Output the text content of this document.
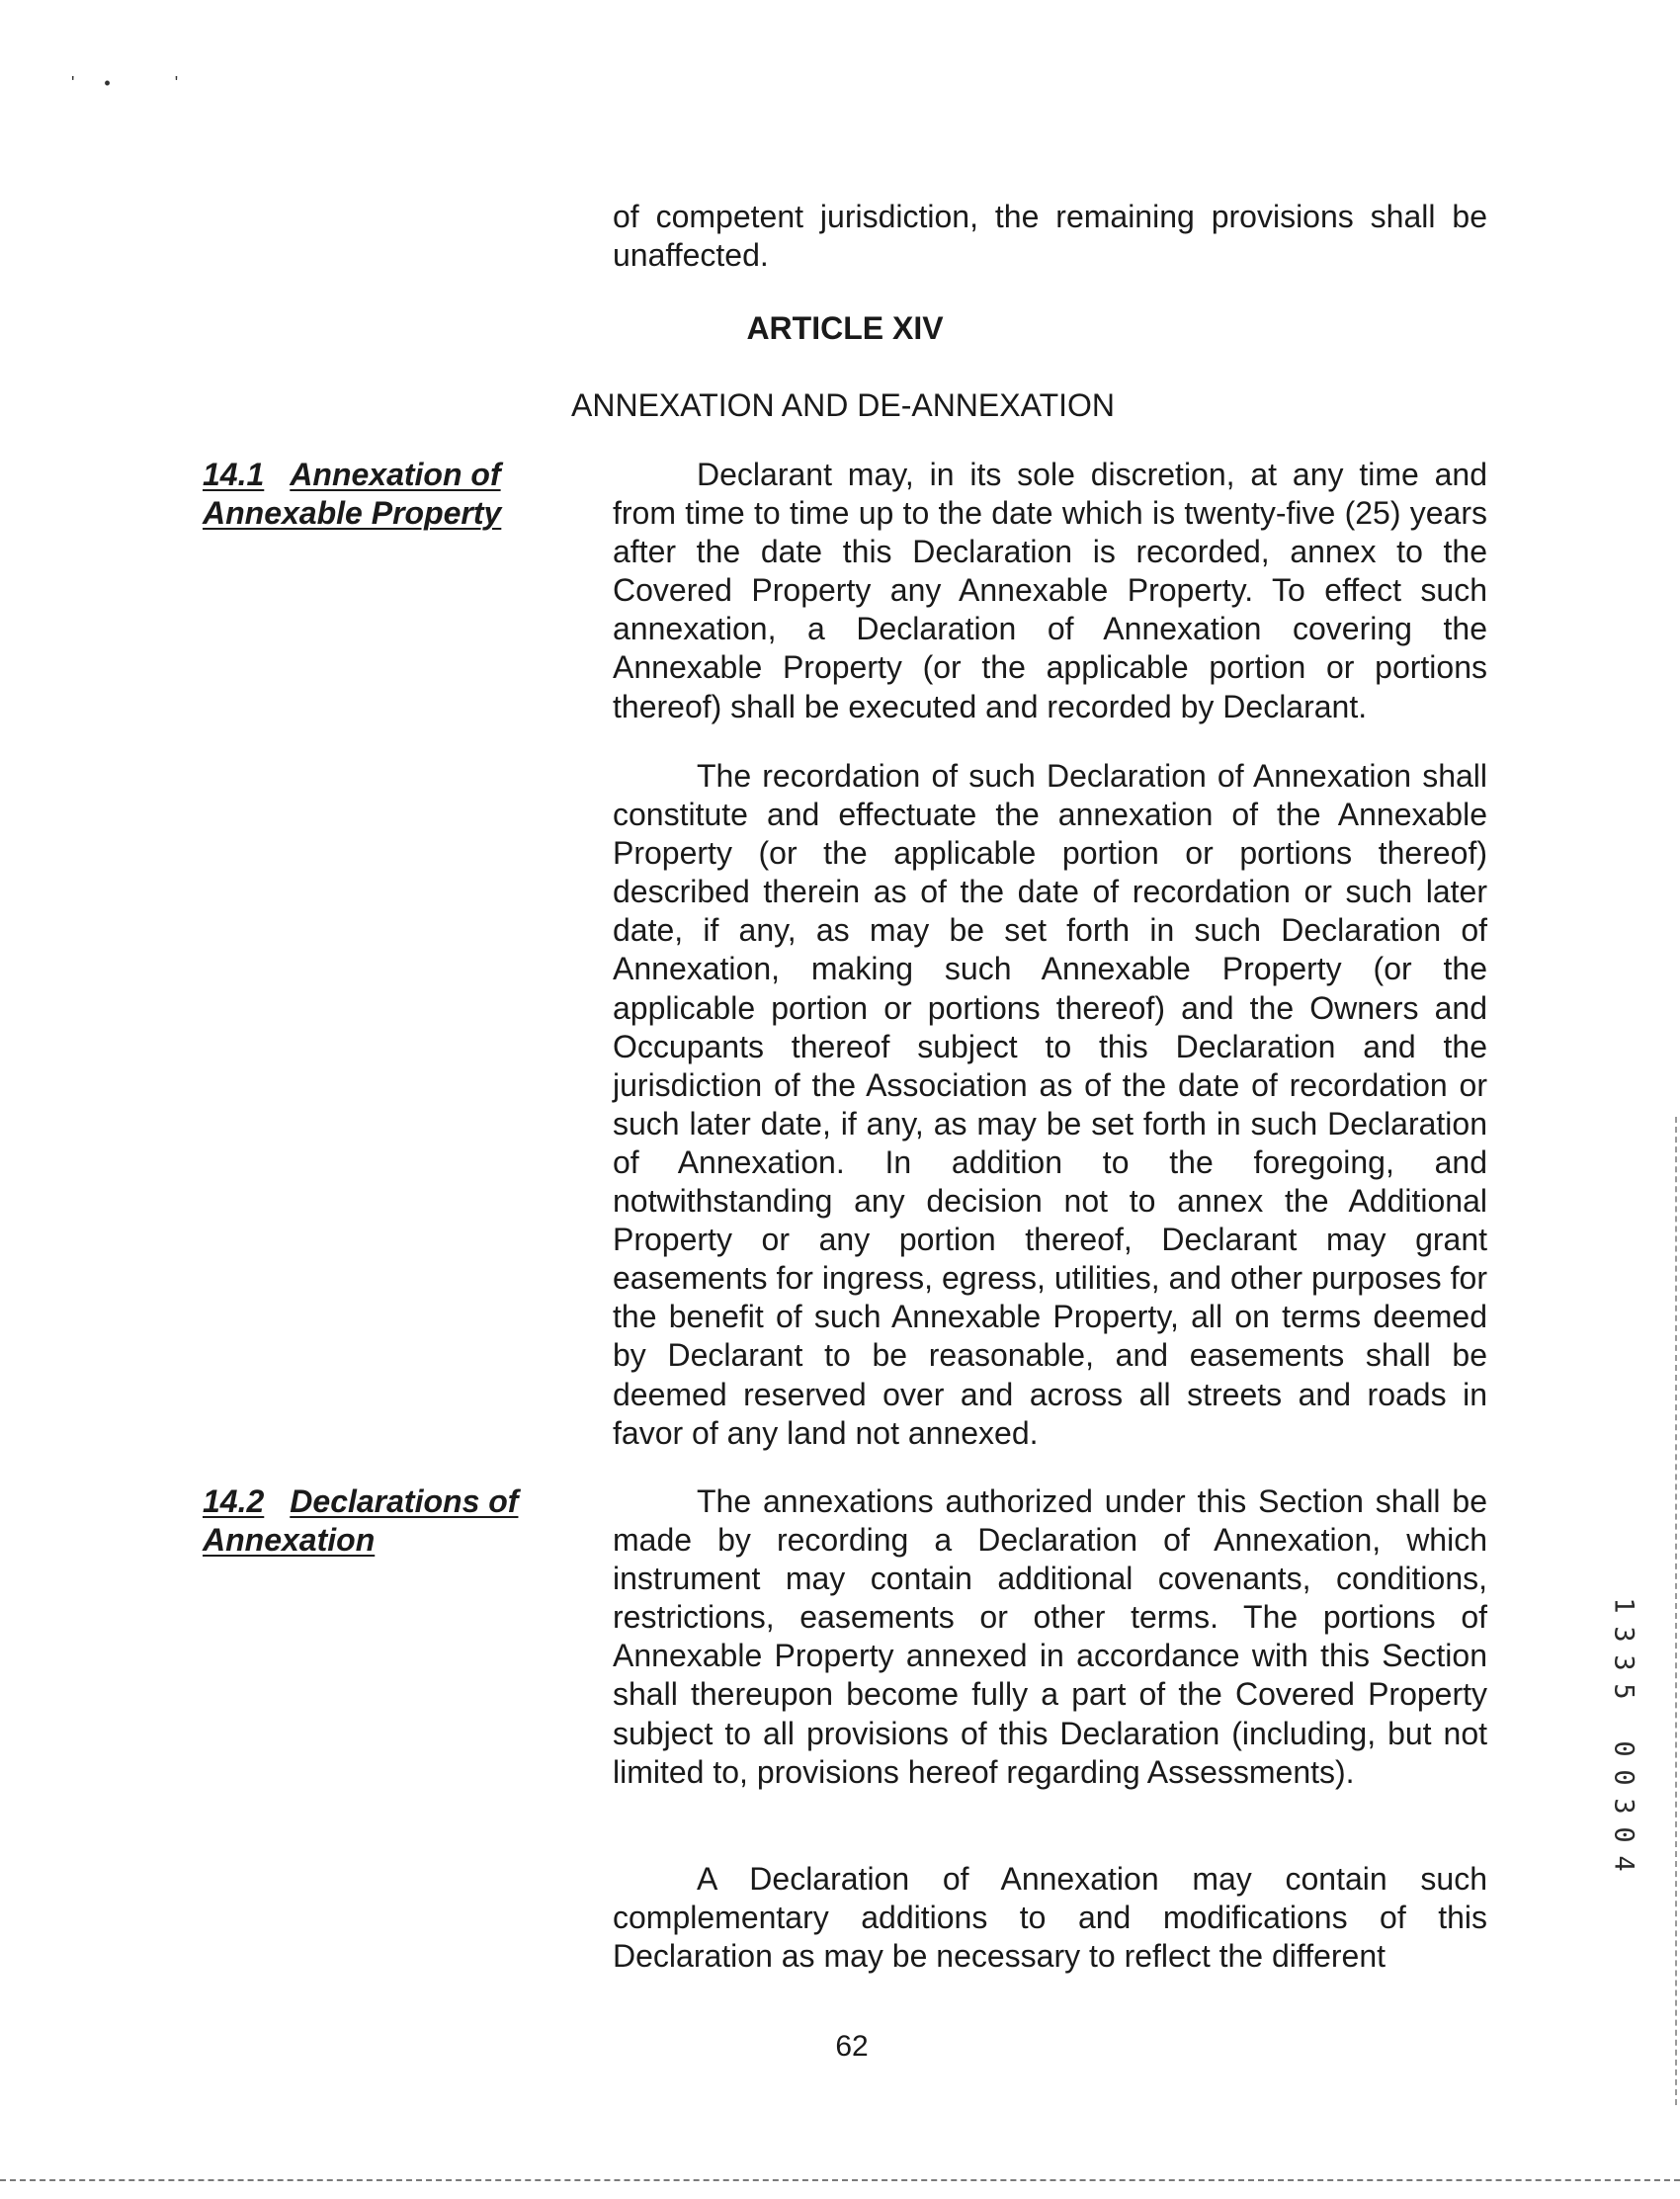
'• '

of competent jurisdiction, the remaining provisions shall be unaffected.

ARTICLE XIV
ANNEXATION AND DE-ANNEXATION
14.1 Annexation of
Annexable Property

Declarant may, in its sole discretion, at any time and from time to time up to the date which is twenty-five (25) years after the date this Declaration is recorded, annex to the Covered Property any Annexable Property. To effect such annexation, a Declaration of Annexation covering the Annexable Property (or the applicable portion or portions thereof) shall be executed and recorded by Declarant.

The recordation of such Declaration of Annexation shall constitute and effectuate the annexation of the Annexable Property (or the applicable portion or portions thereof) described therein as of the date of recordation or such later date, if any, as may be set forth in such Declaration of Annexation, making such Annexable Property (or the applicable portion or portions thereof) and the Owners and Occupants thereof subject to this Declaration and the jurisdiction of the Association as of the date of recordation or such later date, if any, as may be set forth in such Declaration of Annexation. In addition to the foregoing, and notwithstanding any decision not to annex the Additional Property or any portion thereof, Declarant may grant easements for ingress, egress, utilities, and other purposes for the benefit of such Annexable Property, all on terms deemed by Declarant to be reasonable, and easements shall be deemed reserved over and across all streets and roads in favor of any land not annexed.

14.2 Declarations of
Annexation

The annexations authorized under this Section shall be made by recording a Declaration of Annexation, which instrument may contain additional covenants, conditions, restrictions, easements or other terms. The portions of Annexable Property annexed in accordance with this Section shall thereupon become fully a part of the Covered Property subject to all provisions of this Declaration (including, but not limited to, provisions hereof regarding Assessments).

A Declaration of Annexation may contain such complementary additions to and modifications of this Declaration as may be necessary to reflect the different

1
3
3
5

0
0
3
0
4
62
